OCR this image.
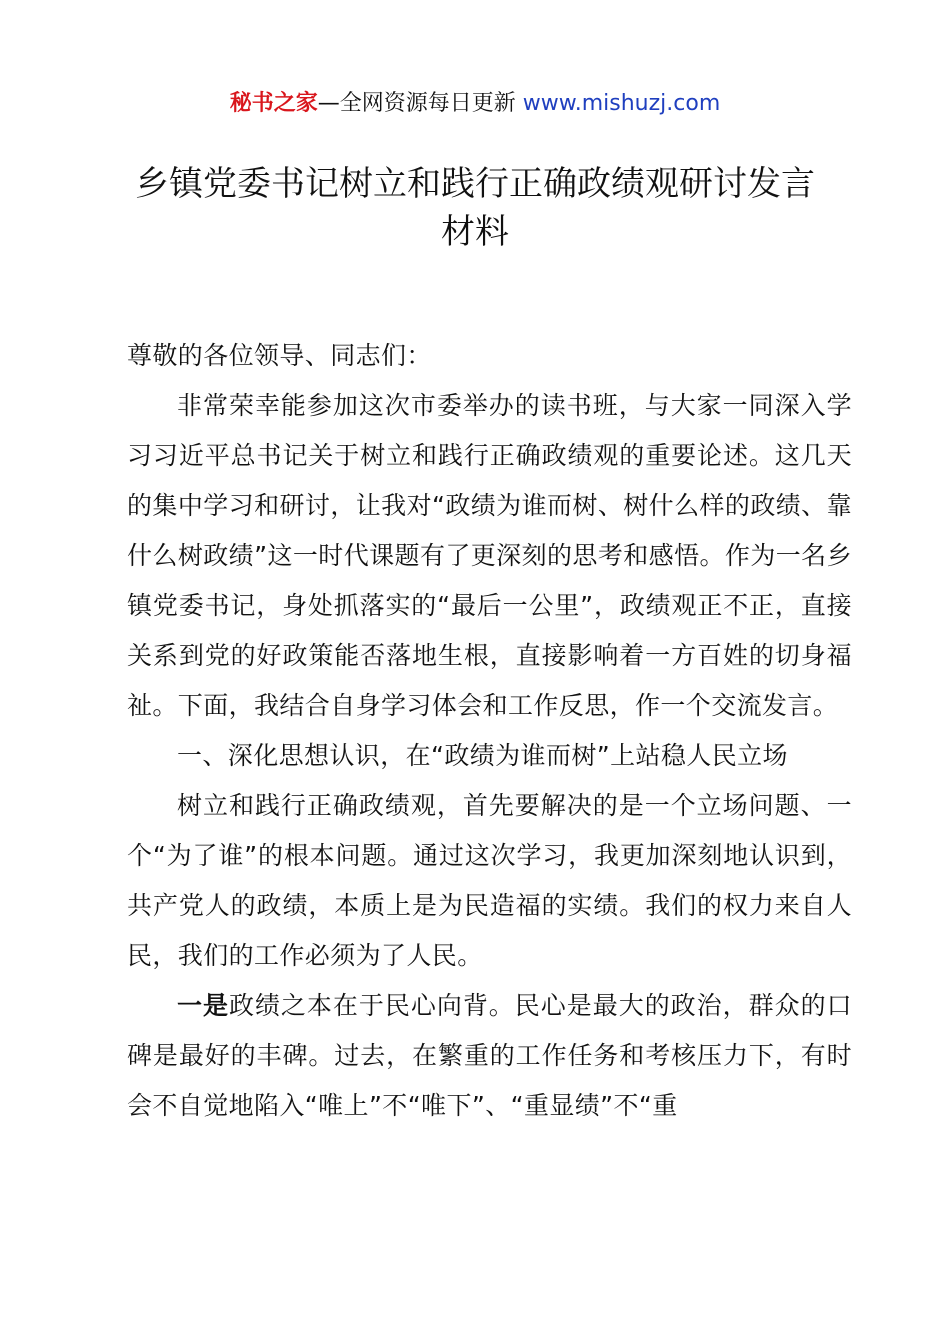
秘书之家—全网资源每日更新 www.mishuzj.com
乡镇党委书记树立和践行正确政绩观研讨发言
材料

尊敬的各位领导、同志们：

非常荣幸能参加这次市委举办的读书班，与大家一同深入学习习近平总书记关于树立和践行正确政绩观的重要论述。这几天的集中学习和研讨，让我对“政绩为谁而树、树什么样的政绩、靠什么树政绩”这一时代课题有了更深刻的思考和感悟。作为一名乡镇党委书记，身处抓落实的“最后一公里”，政绩观正不正，直接关系到党的好政策能否落地生根，直接影响着一方百姓的切身福祉。下面，我结合自身学习体会和工作反思，作一个交流发言。

一、深化思想认识，在“政绩为谁而树”上站稳人民立场

树立和践行正确政绩观，首先要解决的是一个立场问题、一个“为了谁”的根本问题。通过这次学习，我更加深刻地认识到，共产党人的政绩，本质上是为民造福的实绩。我们的权力来自人民，我们的工作必须为了人民。

一是政绩之本在于民心向背。民心是最大的政治，群众的口碑是最好的丰碑。过去，在繁重的工作任务和考核压力下，有时会不自觉地陷入“唯上”不“唯下”、“重显绩”不“重
